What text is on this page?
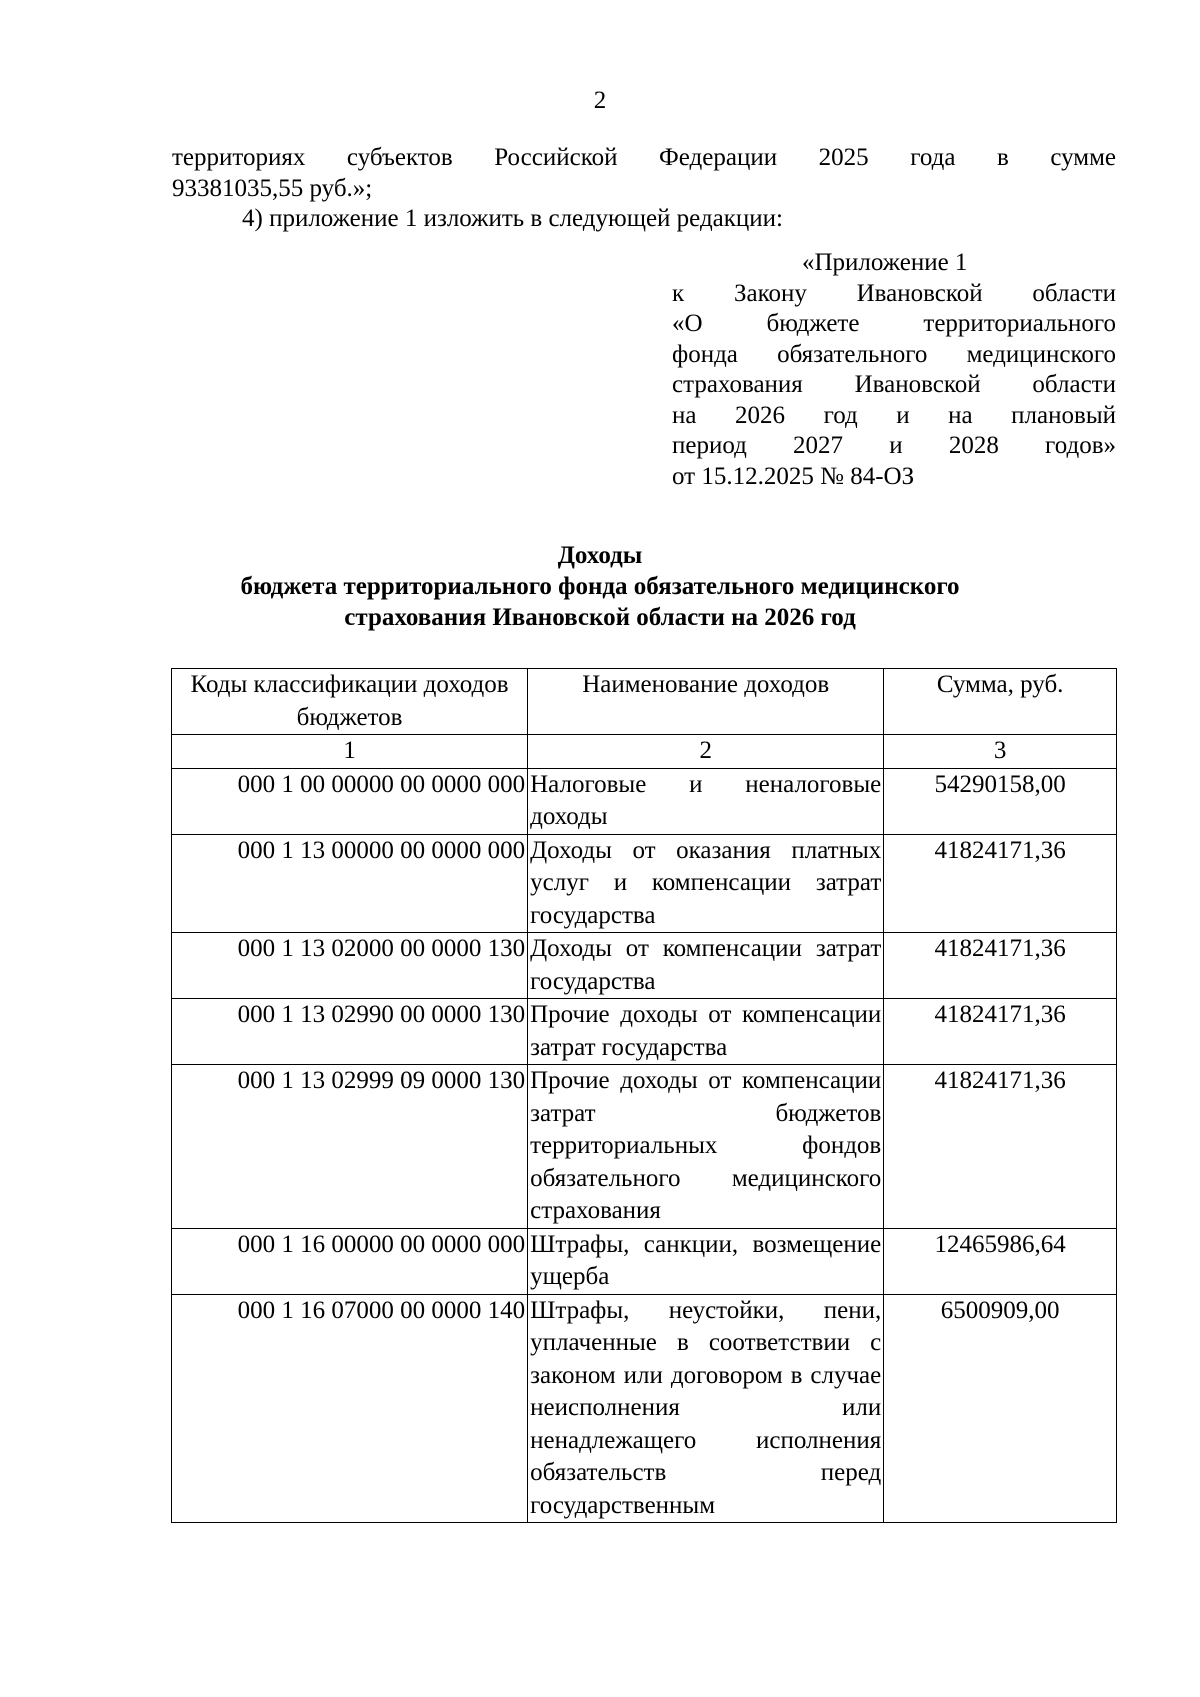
2

территориях субъектов Российской Федерации 2025 года в сумме

93381035,55 руб.»;

4) приложение 1 изложить в следующей редакции:

«Приложение 1
к Закону Ивановской области
«О бюджете территориального
фонда обязательного медицинского
страхования Ивановской области
на 2026 год и на плановый
период 2027 и 2028 годов»
от 15.12.2025 № 84-ОЗ
Доходы
бюджета территориального фонда обязательного медицинского
страхования Ивановской области на 2026 год
Коды классификации доходов бюджетов	Наименование доходов	Сумма, руб.
1	2	3
000 1 00 00000 00 0000 000	Налоговые и неналоговые доходы	54290158,00
000 1 13 00000 00 0000 000	Доходы от оказания платных услуг и компенсации затрат государства	41824171,36
000 1 13 02000 00 0000 130	Доходы от компенсации затрат государства	41824171,36
000 1 13 02990 00 0000 130	Прочие доходы от компенсации затрат государства	41824171,36
000 1 13 02999 09 0000 130	Прочие доходы от компенсации затрат бюджетов территориальных фондов обязательного медицинского страхования	41824171,36
000 1 16 00000 00 0000 000	Штрафы, санкции, возмещение ущерба	12465986,64
000 1 16 07000 00 0000 140	Штрафы, неустойки, пени, уплаченные в соответствии с законом или договором в случае неисполнения или ненадлежащего исполнения обязательств перед государственным	6500909,00
